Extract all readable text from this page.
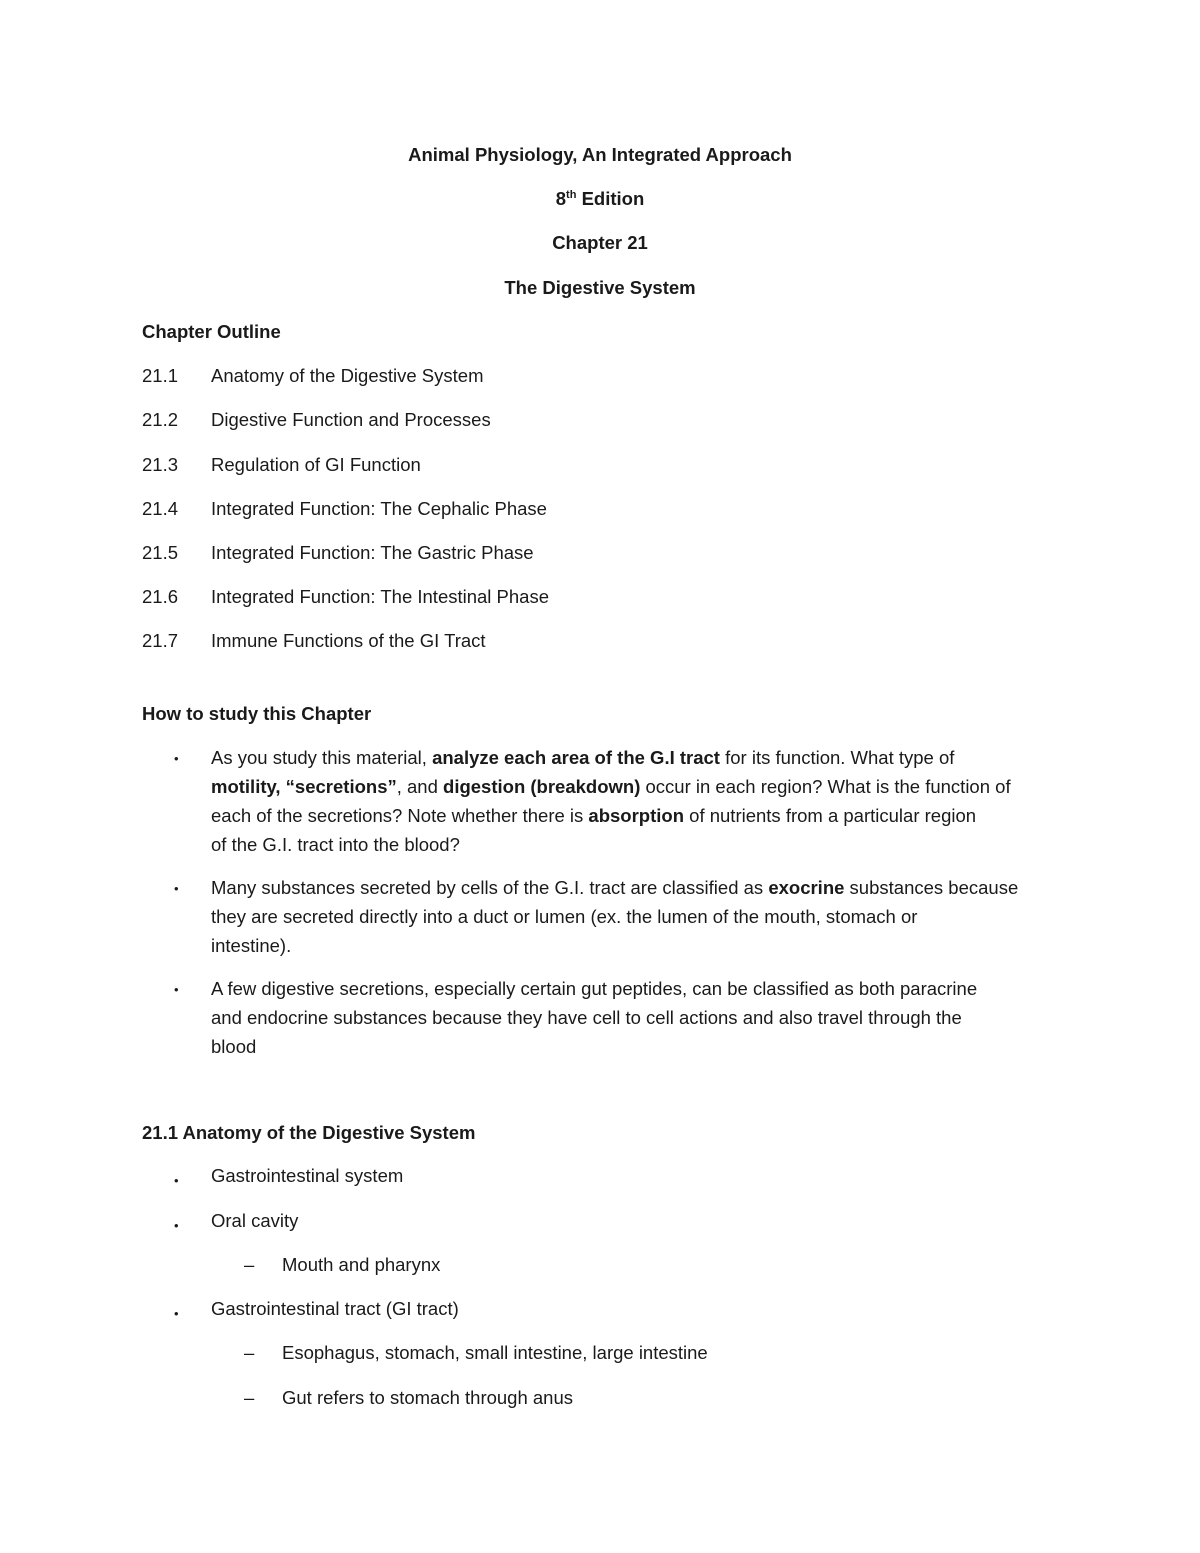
Animal Physiology, An Integrated Approach
8th Edition
Chapter 21
The Digestive System
Chapter Outline
21.1 Anatomy of the Digestive System
21.2 Digestive Function and Processes
21.3 Regulation of GI Function
21.4 Integrated Function: The Cephalic Phase
21.5 Integrated Function: The Gastric Phase
21.6 Integrated Function: The Intestinal Phase
21.7 Immune Functions of the GI Tract
How to study this Chapter
• As you study this material, analyze each area of the G.I tract for its function. What type of
motility, “secretions”, and digestion (breakdown) occur in each region? What is the function of
each of the secretions? Note whether there is absorption of nutrients from a particular region
of the G.I. tract into the blood?
• Many substances secreted by cells of the G.I. tract are classified as exocrine substances because
they are secreted directly into a duct or lumen (ex. the lumen of the mouth, stomach or
intestine).
• A few digestive secretions, especially certain gut peptides, can be classified as both paracrine
and endocrine substances because they have cell to cell actions and also travel through the
blood
21.1 Anatomy of the Digestive System
• Gastrointestinal system
• Oral cavity
– Mouth and pharynx
• Gastrointestinal tract (GI tract)
– Esophagus, stomach, small intestine, large intestine
– Gut refers to stomach through anus
